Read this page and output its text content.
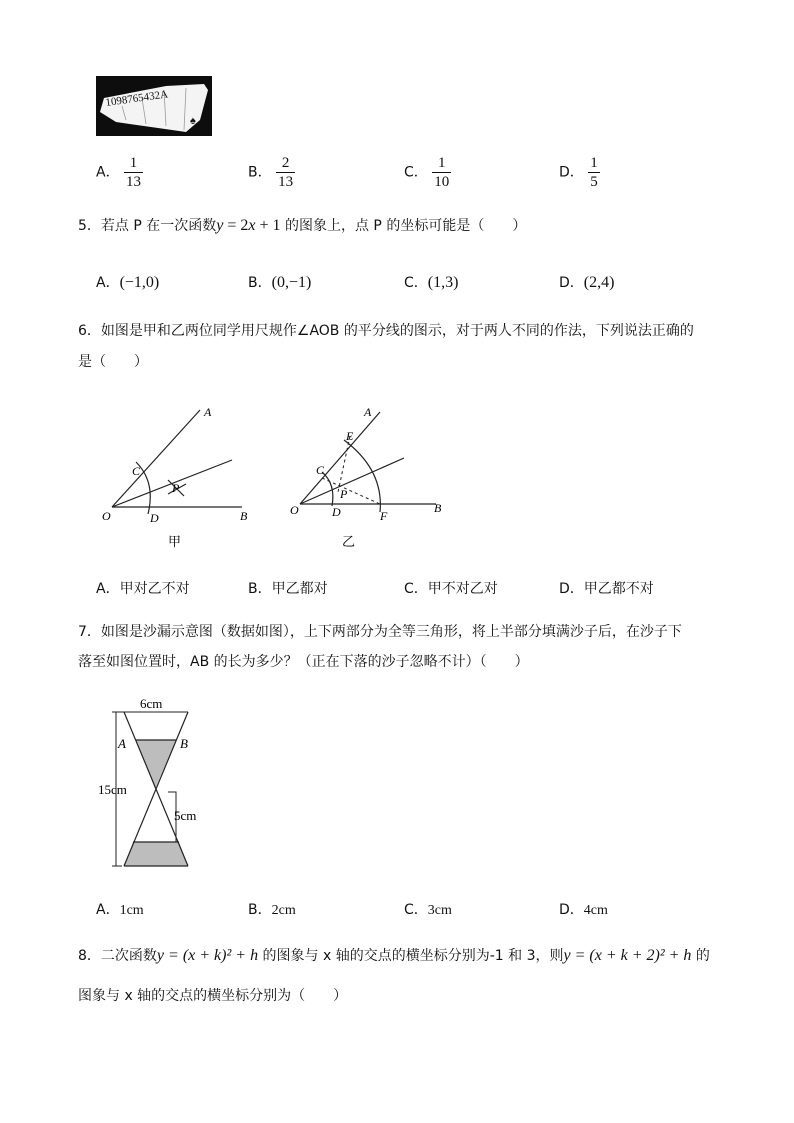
1098765432A
♠
A． $\frac{1}{13}$	B． $\frac{2}{13}$	C． $\frac{1}{10}$	D． $\frac{1}{5}$
5．若点 P 在一次函数y = 2x + 1 的图象上，点 P 的坐标可能是（　　）
A．(−1,0)	B．(0,−1)	C．(1,3)	D．(2,4)
6．如图是甲和乙两位同学用尺规作∠AOB 的平分线的图示，对于两人不同的作法，下列说法正确的
是（　　）
A
C
P
O	D	B
甲
A
E
C
P
O	D	F
B
乙
A．甲对乙不对	B．甲乙都对	C．甲不对乙对	D．甲乙都不对
7．如图是沙漏示意图（数据如图），上下两部分为全等三角形，将上半部分填满沙子后，在沙子下
落至如图位置时，AB 的长为多少？（正在下落的沙子忽略不计）（　　）
6cm
15cm
5cm
A	B
A．1cm	B．2cm	C．3cm	D．4cm
8．二次函数y = (x + k)² + h 的图象与 x 轴的交点的横坐标分别为-1 和 3，则y = (x + k + 2)² + h 的
图象与 x 轴的交点的横坐标分别为（　　）
